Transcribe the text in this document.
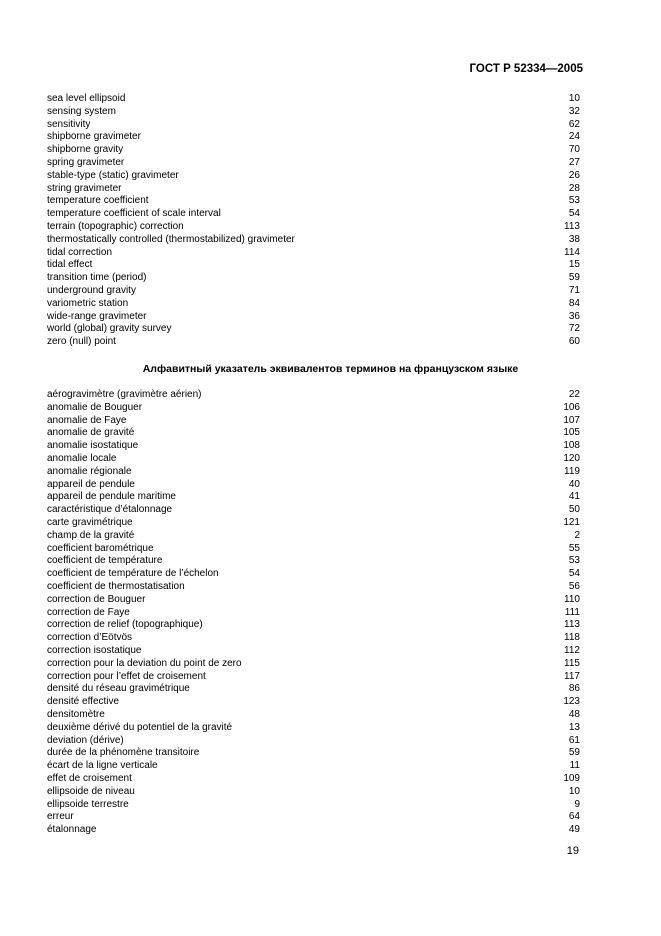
ГОСТ Р 52334—2005
sea level ellipsoid	10
sensing system	32
sensitivity	62
shipborne gravimeter	24
shipborne gravity	70
spring gravimeter	27
stable-type (static) gravimeter	26
string gravimeter	28
temperature coefficient	53
temperature coefficient of scale interval	54
terrain (topographic) correction	113
thermostatically controlled (thermostabilized) gravimeter	38
tidal correction	114
tidal effect	15
transition time (period)	59
underground gravity	71
variometric station	84
wide-range gravimeter	36
world (global) gravity survey	72
zero (null) point	60
Алфавитный указатель эквивалентов терминов на французском языке
aérogravimètre (gravimètre aérien)	22
anomalie de Bouguer	106
anomalie de Faye	107
anomalie de gravité	105
anomalie isostatique	108
anomalie locale	120
anomalie régionale	119
appareil de pendule	40
appareil de pendule maritime	41
caractéristique d’étalonnage	50
carte gravimétrique	121
champ de la gravité	2
coefficient barométrique	55
coefficient de température	53
coefficient de température de l’échelon	54
coefficient de thermostatisation	56
correction de Bouguer	110
correction de Faye	111
correction de relief (topographique)	113
correction d’Eötvös	118
correction isostatique	112
correction pour la deviation du point de zero	115
correction pour l’effet de croisement	117
densité du réseau gravimétrique	86
densité effective	123
densitomètre	48
deuxième dérivé du potentiel de la gravité	13
deviation (dérive)	61
durée de la phénomène transitoire	59
écart de la ligne verticale	11
effet de croisement	109
ellipsoide de niveau	10
ellipsoide terrestre	9
erreur	64
étalonnage	49
19
